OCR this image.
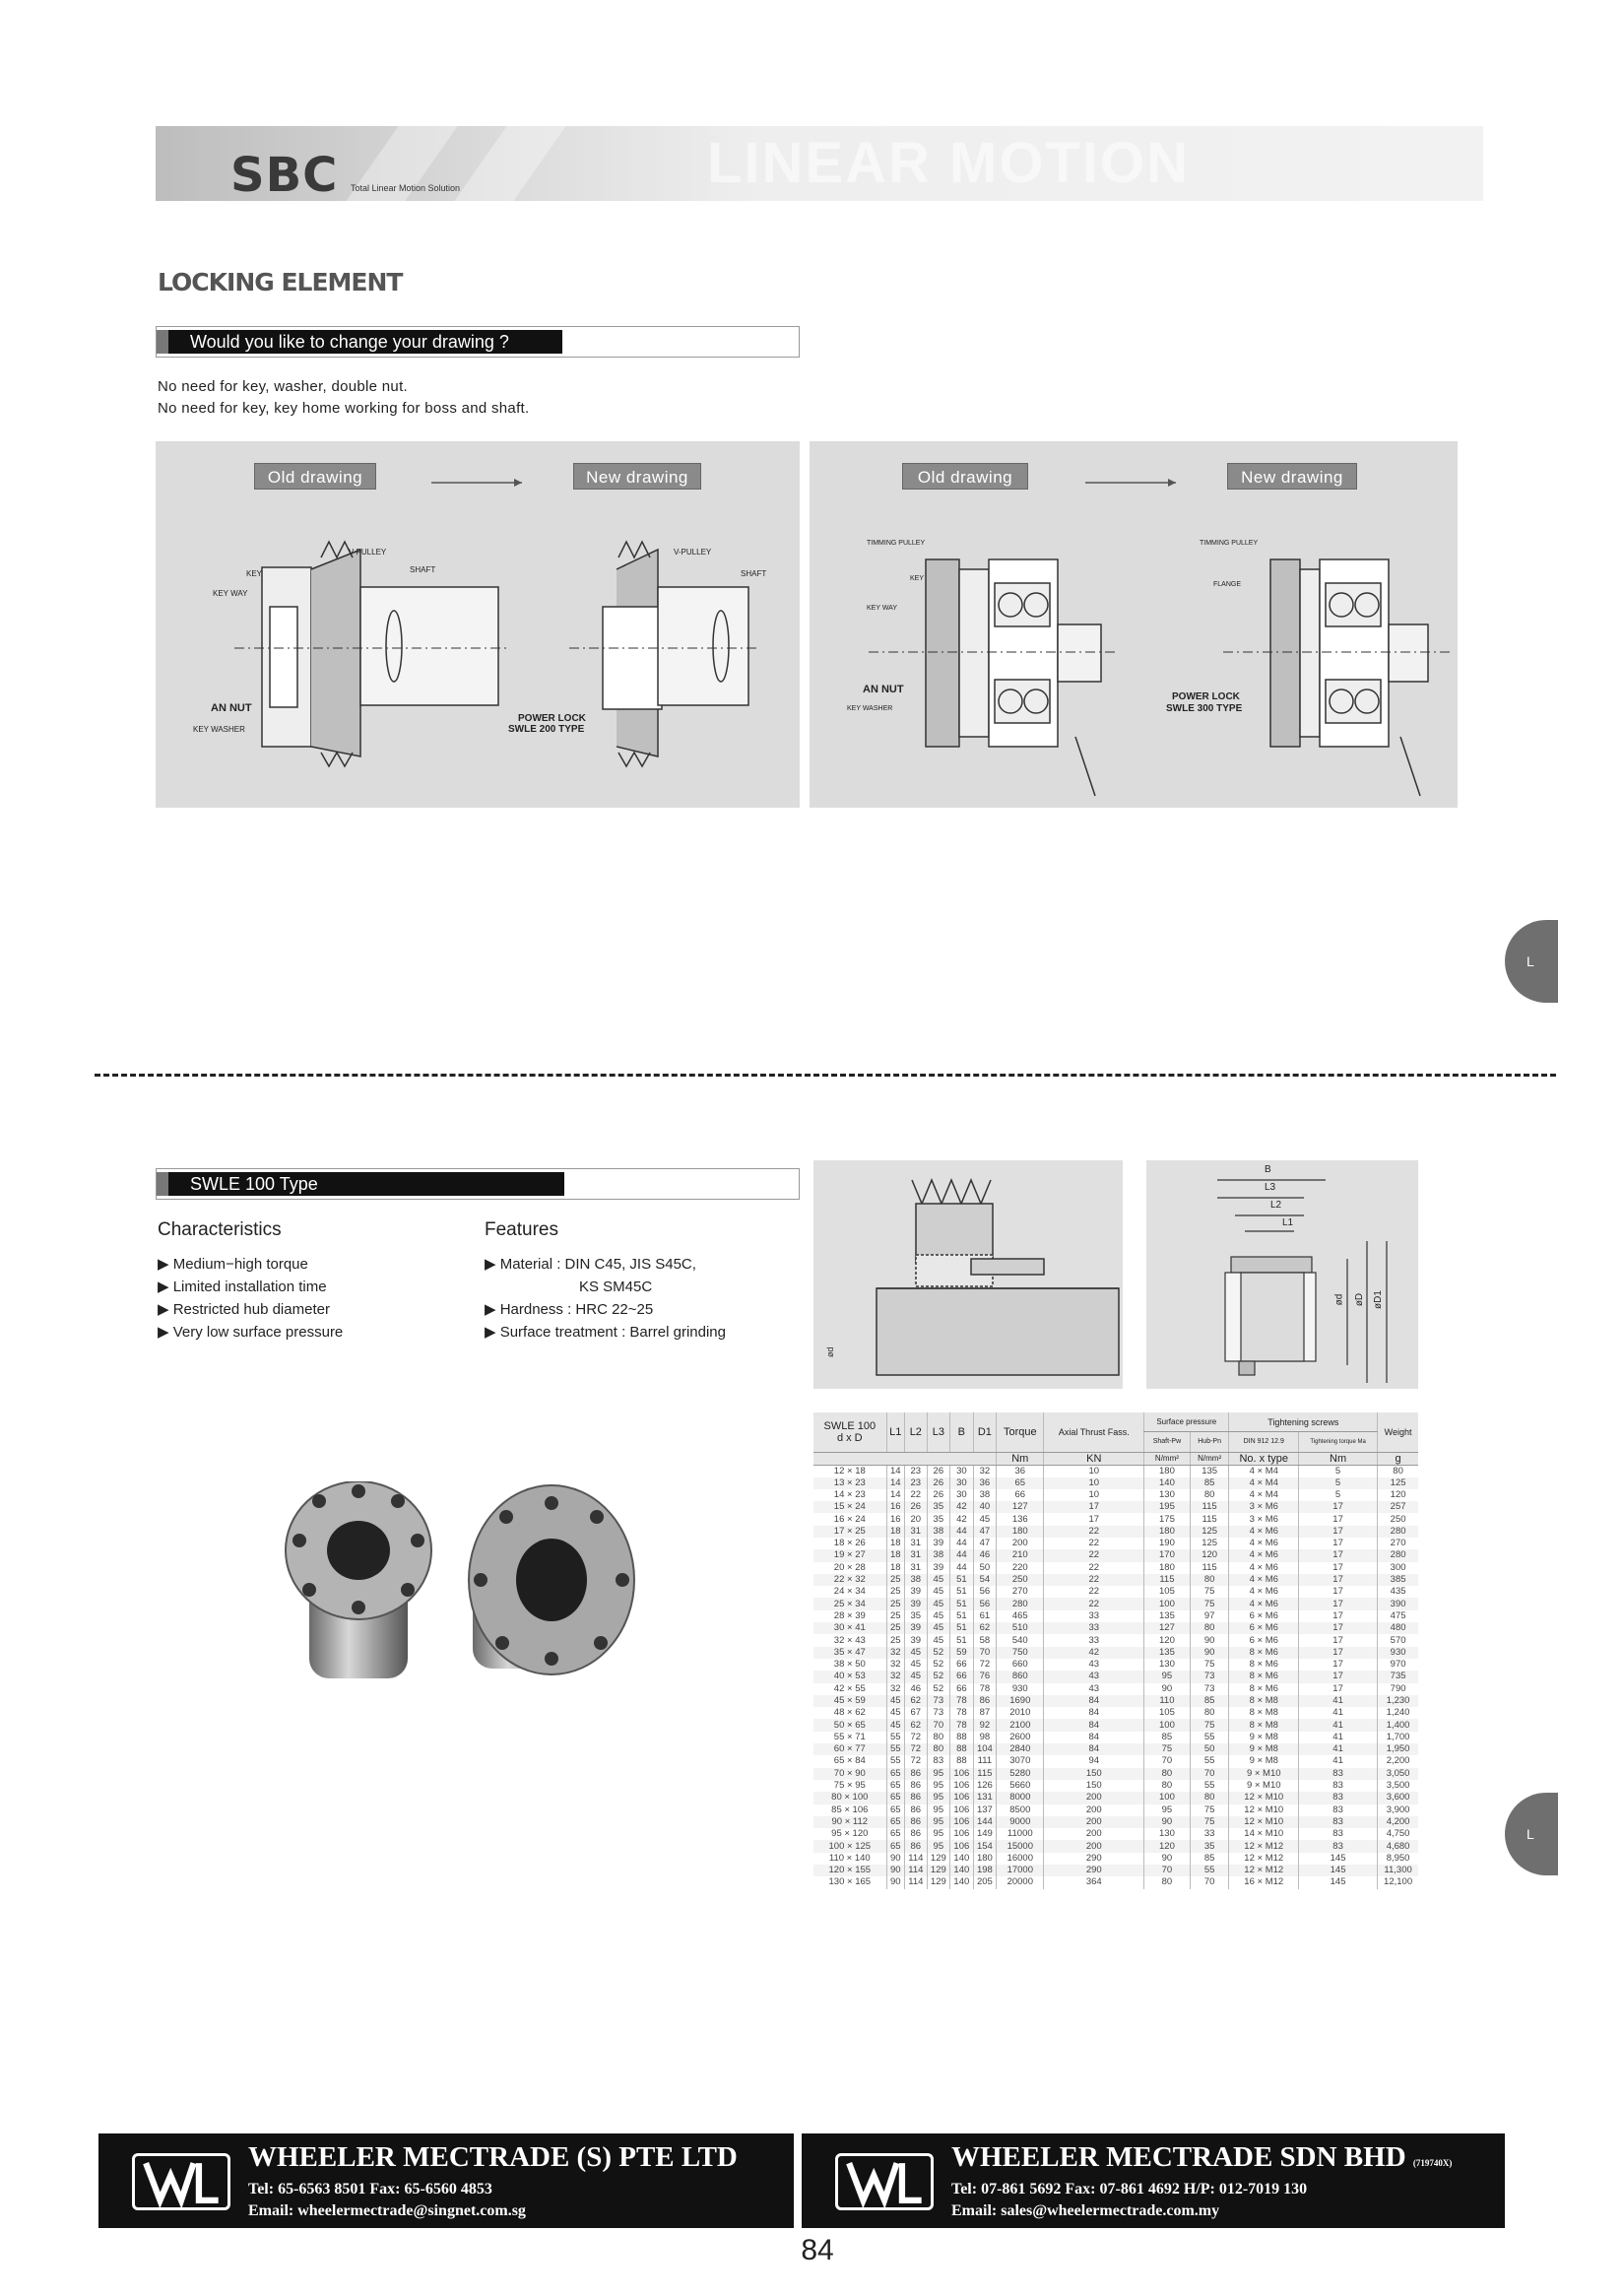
LINEAR MOTION
SBC Total Linear Motion Solution
LOCKING ELEMENT
Would you like to change your drawing ?
No need for key, washer, double nut.
No need for key, key home working for boss and shaft.
Old drawing	New drawing
V-PULLEY
SHAFT
KEY
KEY WAY
AN NUT
KEY WASHER
V-PULLEY
SHAFT
POWER LOCK
SWLE 200 TYPE
Old drawing	New drawing
TIMMING PULLEY
KEY
KEY WAY
AN NUT
KEY WASHER
TIMMING PULLEY
FLANGE
POWER LOCK
SWLE 300 TYPE
L
L
SWLE 100 Type
Characteristics
▶ Medium−high torque
▶ Limited installation time
▶ Restricted hub diameter
▶ Very low surface pressure
Features
▶ Material : DIN C45, JIS S45C,
KS SM45C
▶ Hardness : HRC 22~25
▶ Surface treatment : Barrel grinding
ød
B
L3
L2
L1
ød øD øD1
SWLE 100
d x D	L1	L2	L3	B	D1	Torque	Axial Thrust Fass.	Surface pressure		Tightening screws		Weight
								Shaft-Pw	Hub-Pn	DIN 912 12.9	Tightening torque Ma	
						Nm	KN	N/mm²	N/mm²	No. x type	Nm	g
12 × 18	14	23	26	30	32	36	10	180	135	4 × M4	5	80
13 × 23	14	23	26	30	36	65	10	140	85	4 × M4	5	125
14 × 23	14	22	26	30	38	66	10	130	80	4 × M4	5	120
15 × 24	16	26	35	42	40	127	17	195	115	3 × M6	17	257
16 × 24	16	20	35	42	45	136	17	175	115	3 × M6	17	250
17 × 25	18	31	38	44	47	180	22	180	125	4 × M6	17	280
18 × 26	18	31	39	44	47	200	22	190	125	4 × M6	17	270
19 × 27	18	31	38	44	46	210	22	170	120	4 × M6	17	280
20 × 28	18	31	39	44	50	220	22	180	115	4 × M6	17	300
22 × 32	25	38	45	51	54	250	22	115	80	4 × M6	17	385
24 × 34	25	39	45	51	56	270	22	105	75	4 × M6	17	435
25 × 34	25	39	45	51	56	280	22	100	75	4 × M6	17	390
28 × 39	25	35	45	51	61	465	33	135	97	6 × M6	17	475
30 × 41	25	39	45	51	62	510	33	127	80	6 × M6	17	480
32 × 43	25	39	45	51	58	540	33	120	90	6 × M6	17	570
35 × 47	32	45	52	59	70	750	42	135	90	8 × M6	17	930
38 × 50	32	45	52	66	72	660	43	130	75	8 × M6	17	970
40 × 53	32	45	52	66	76	860	43	95	73	8 × M6	17	735
42 × 55	32	46	52	66	78	930	43	90	73	8 × M6	17	790
45 × 59	45	62	73	78	86	1690	84	110	85	8 × M8	41	1,230
48 × 62	45	67	73	78	87	2010	84	105	80	8 × M8	41	1,240
50 × 65	45	62	70	78	92	2100	84	100	75	8 × M8	41	1,400
55 × 71	55	72	80	88	98	2600	84	85	55	9 × M8	41	1,700
60 × 77	55	72	80	88	104	2840	84	75	50	9 × M8	41	1,950
65 × 84	55	72	83	88	111	3070	94	70	55	9 × M8	41	2,200
70 × 90	65	86	95	106	115	5280	150	80	70	9 × M10	83	3,050
75 × 95	65	86	95	106	126	5660	150	80	55	9 × M10	83	3,500
80 × 100	65	86	95	106	131	8000	200	100	80	12 × M10	83	3,600
85 × 106	65	86	95	106	137	8500	200	95	75	12 × M10	83	3,900
90 × 112	65	86	95	106	144	9000	200	90	75	12 × M10	83	4,200
95 × 120	65	86	95	106	149	11000	200	130	33	14 × M10	83	4,750
100 × 125	65	86	95	106	154	15000	200	120	35	12 × M12	83	4,680
110 × 140	90	114	129	140	180	16000	290	90	85	12 × M12	145	8,950
120 × 155	90	114	129	140	198	17000	290	70	55	12 × M12	145	11,300
130 × 165	90	114	129	140	205	20000	364	80	70	16 × M12	145	12,100
WHEELER MECTRADE (S) PTE LTD
Tel: 65-6563 8501 Fax: 65-6560 4853
Email: wheelermectrade@singnet.com.sg
WHEELER MECTRADE SDN BHD (719740X)
Tel: 07-861 5692 Fax: 07-861 4692 H/P: 012-7019 130
Email: sales@wheelermectrade.com.my
84
